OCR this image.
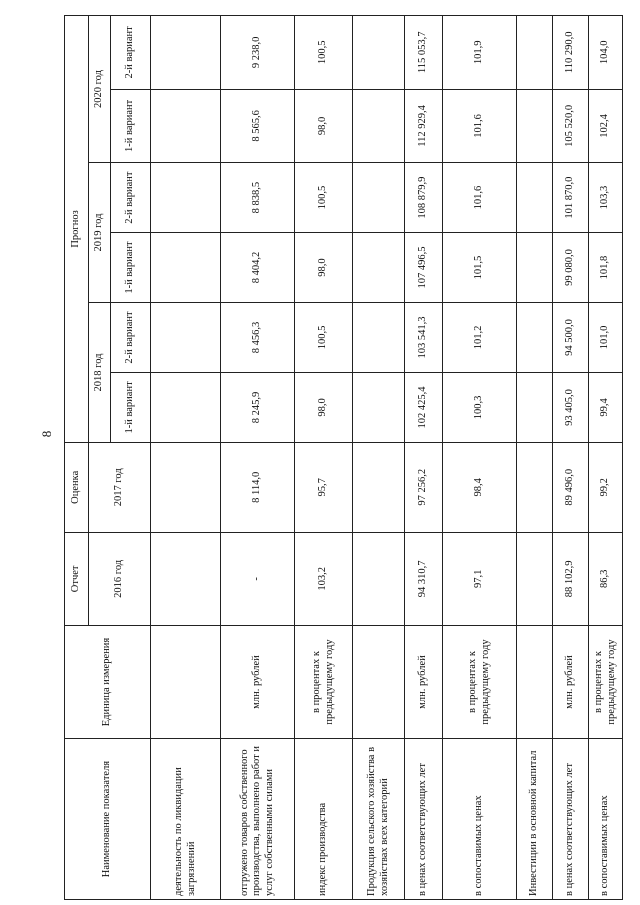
8
Наименование показателя	Единица измерения	Отчет	Оценка	Прогноз					
		2016 год	2017 год	2018 год		2019 год		2020 год	
				1-й вариант	2-й вариант	1-й вариант	2-й вариант	1-й вариант	2-й вариант
деятельность по ликвидации загрязнений									
отгружено товаров собственного производства, выполнено работ и услуг собственными силами	млн. рублей	-	8 114,0	8 245,9	8 456,3	8 404,2	8 838,5	8 565,6	9 238,0
индекс производства	в процентах к предыдущему году	103,2	95,7	98,0	100,5	98,0	100,5	98,0	100,5
Продукция сельского хозяйства в хозяйствах всех категорий									
в ценах соответствующих лет	млн. рублей	94 310,7	97 256,2	102 425,4	103 541,3	107 496,5	108 879,9	112 929,4	115 053,7
в сопоставимых ценах	в процентах к предыдущему году	97,1	98,4	100,3	101,2	101,5	101,6	101,6	101,9
Инвестиции в основной капитал									
в ценах соответствующих лет	млн. рублей	88 102,9	89 496,0	93 405,0	94 500,0	99 080,0	101 870,0	105 520,0	110 290,0
в сопоставимых ценах	в процентах к предыдущему году	86,3	99,2	99,4	101,0	101,8	103,3	102,4	104,0
